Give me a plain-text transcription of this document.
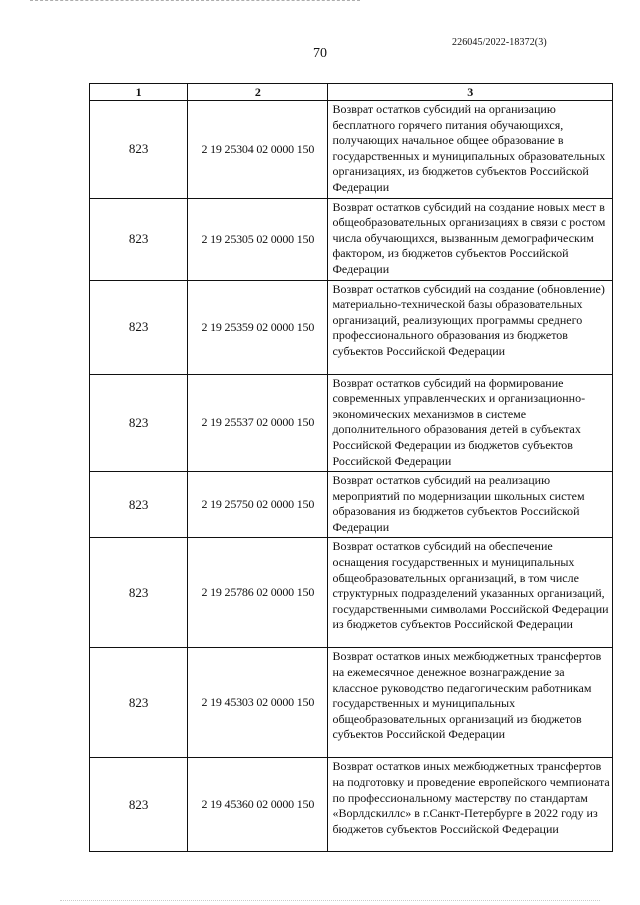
226045/2022-18372(3)
70
1	2	3
823	2 19 25304 02 0000 150	Возврат остатков субсидий на организацию бесплатного горячего питания обучающихся, получающих начальное общее образование в государственных и муниципальных образовательных организациях, из бюджетов субъектов Российской Федерации
823	2 19 25305 02 0000 150	Возврат остатков субсидий на создание новых мест в общеобразовательных организациях в связи с ростом числа обучающихся, вызванным демографическим фактором, из бюджетов субъектов Российской Федерации
823	2 19 25359 02 0000 150	Возврат остатков субсидий на создание (обновление) материально-технической базы образовательных организаций, реализующих программы среднего профессионального образования из бюджетов субъектов Российской Федерации
823	2 19 25537 02 0000 150	Возврат остатков субсидий на формирование современных управленческих и организационно-экономических механизмов в системе дополнительного образования детей в субъектах Российской Федерации из бюджетов субъектов Российской Федерации
823	2 19 25750 02 0000 150	Возврат остатков субсидий на реализацию мероприятий по модернизации школьных систем образования из бюджетов субъектов Российской Федерации
823	2 19 25786 02 0000 150	Возврат остатков субсидий на обеспечение оснащения государственных и муниципальных общеобразовательных организаций, в том числе структурных подразделений указанных организаций, государственными символами Российской Федерации из бюджетов субъектов Российской Федерации
823	2 19 45303 02 0000 150	Возврат остатков иных межбюджетных трансфертов на ежемесячное денежное вознаграждение за классное руководство педагогическим работникам государственных и муниципальных общеобразовательных организаций из бюджетов субъектов Российской Федерации
823	2 19 45360 02 0000 150	Возврат остатков иных межбюджетных трансфертов на подготовку и проведение европейского чемпионата по профессиональному мастерству по стандартам «Ворлдскиллс» в г.Санкт-Петербурге в 2022 году из бюджетов субъектов Российской Федерации
